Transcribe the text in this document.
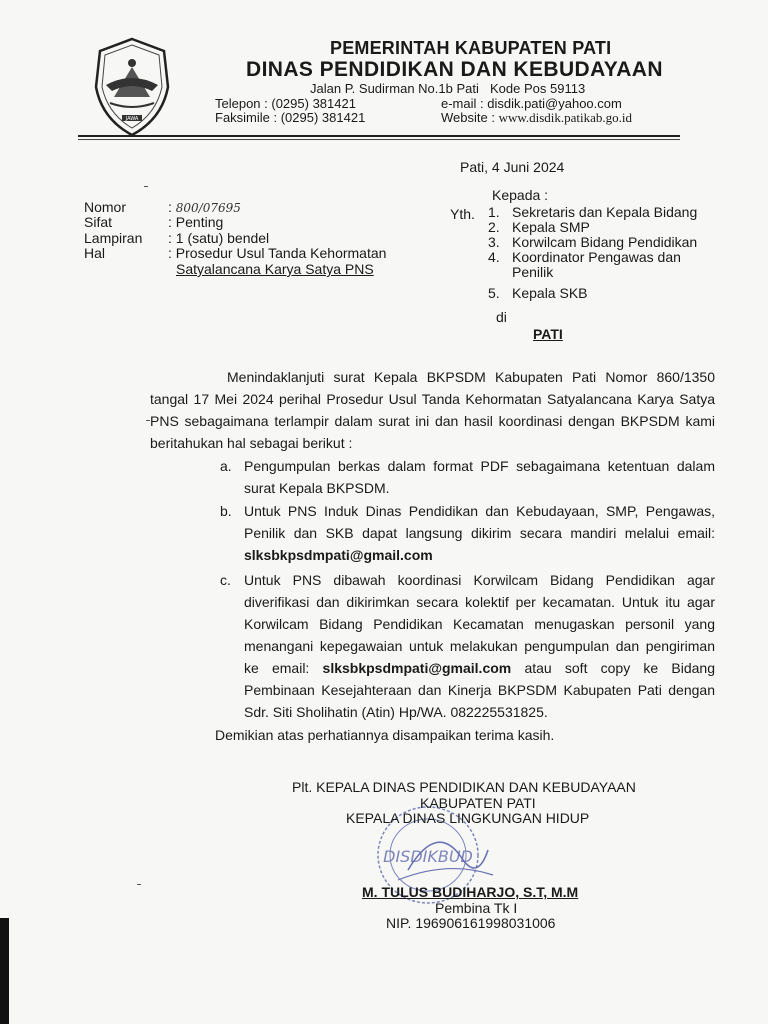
JAWA
PEMERINTAH KABUPATEN PATI
DINAS PENDIDIKAN DAN KEBUDAYAAN
Jalan P. Sudirman No.1b Pati Kode Pos 59113
Telepon : (0295) 381421
Faksimile : (0295) 381421
e-mail : disdik.pati@yahoo.com
Website : www.disdik.patikab.go.id
Pati, 4 Juni 2024
Nomor	: 800/07695
Sifat	: Penting
Lampiran : 1 (satu) bendel
Hal	: Prosedur Usul Tanda Kehormatan
Satyalancana Karya Satya PNS
Kepada :
Yth. 1. Sekretaris dan Kepala Bidang
2. Kepala SMP
3. Korwilcam Bidang Pendidikan
4. Koordinator Pengawas dan Penilik
5. Kepala SKB
di
PATI
Menindaklanjuti surat Kepala BKPSDM Kabupaten Pati Nomor 860/1350 tangal 17 Mei 2024 perihal Prosedur Usul Tanda Kehormatan Satyalancana Karya Satya PNS sebagaimana terlampir dalam surat ini dan hasil koordinasi dengan BKPSDM kami beritahukan hal sebagai berikut :
a. Pengumpulan berkas dalam format PDF sebagaimana ketentuan dalam surat Kepala BKPSDM.
b. Untuk PNS Induk Dinas Pendidikan dan Kebudayaan, SMP, Pengawas, Penilik dan SKB dapat langsung dikirim secara mandiri melalui email: slksbkpsdmpati@gmail.com
c. Untuk PNS dibawah koordinasi Korwilcam Bidang Pendidikan agar diverifikasi dan dikirimkan secara kolektif per kecamatan. Untuk itu agar Korwilcam Bidang Pendidikan Kecamatan menugaskan personil yang menangani kepegawaian untuk melakukan pengumpulan dan pengiriman ke email: slksbkpsdmpati@gmail.com atau soft copy ke Bidang Pembinaan Kesejahteraan dan Kinerja BKPSDM Kabupaten Pati dengan Sdr. Siti Sholihatin (Atin) Hp/WA. 082225531825.
Demikian atas perhatiannya disampaikan terima kasih.
DISDIKBUD
Plt. KEPALA DINAS PENDIDIKAN DAN KEBUDAYAAN
KABUPATEN PATI
KEPALA DINAS LINGKUNGAN HIDUP
M. TULUS BUDIHARJO, S.T, M.M
Pembina Tk I
NIP. 196906161998031006
